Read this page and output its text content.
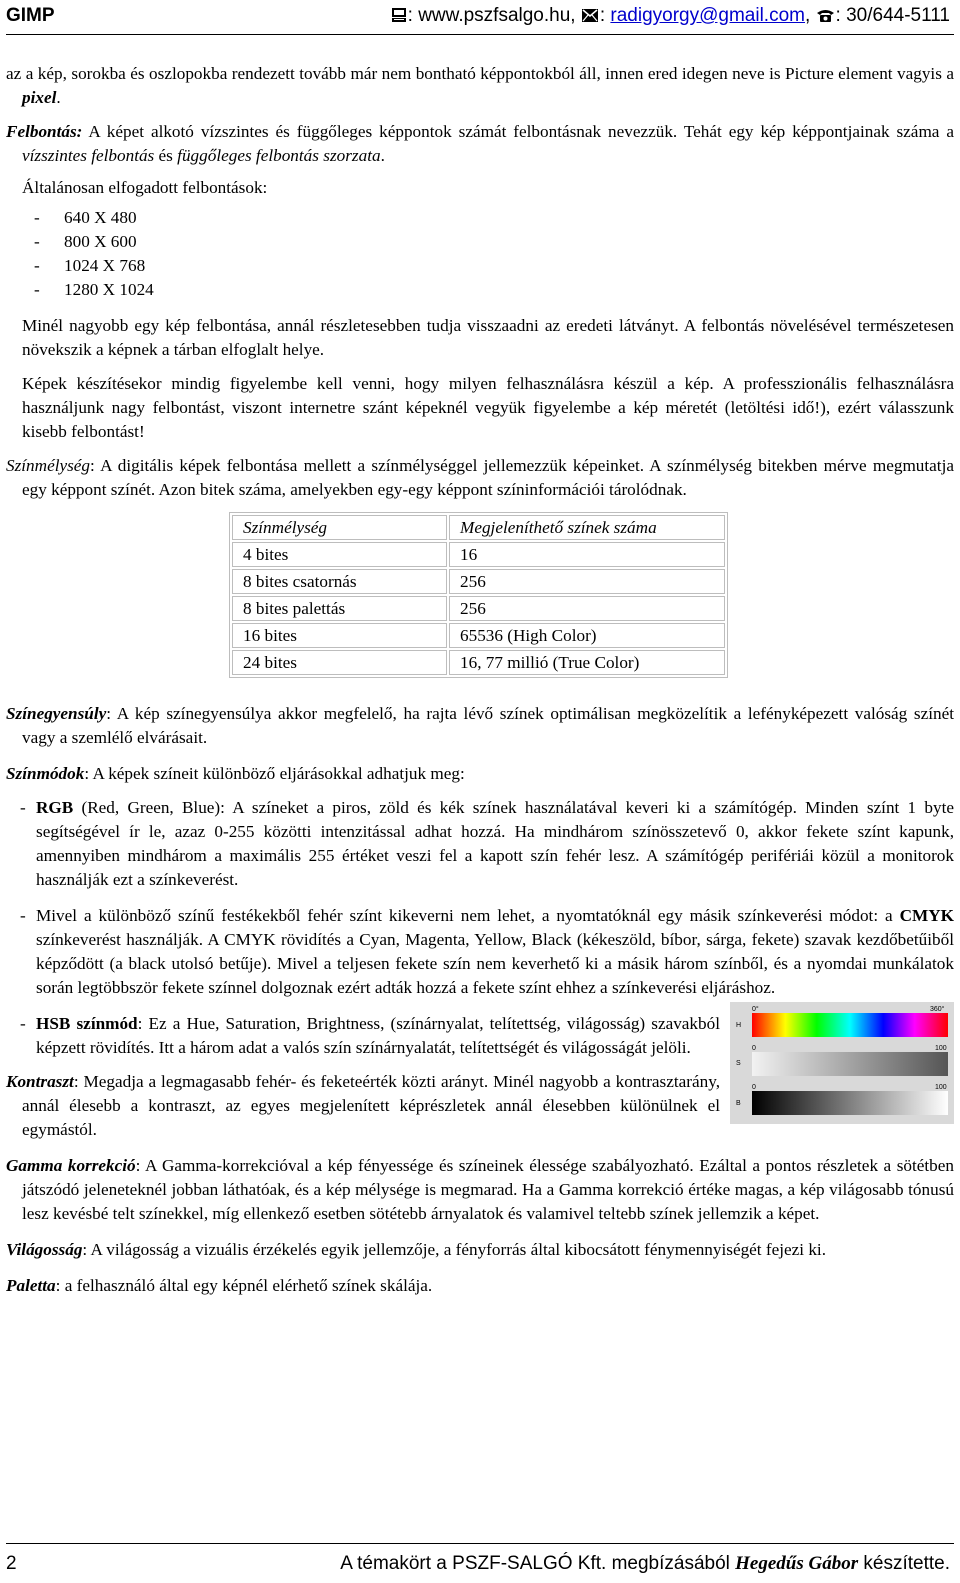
GIMP	: www.pszfsalgo.hu, : radigyorgy@gmail.com, : 30/644-5111

az a kép, sorokba és oszlopokba rendezett tovább már nem bontható képpontokból áll, innen ered idegen neve is Picture element vagyis a pixel.

Felbontás: A képet alkotó vízszintes és függőleges képpontok számát felbontásnak nevezzük. Tehát egy kép képpontjainak száma a vízszintes felbontás és függőleges felbontás szorzata.

Általánosan elfogadott felbontások:

- 640 X 480
- 800 X 600
- 1024 X 768
- 1280 X 1024

Minél nagyobb egy kép felbontása, annál részletesebben tudja visszaadni az eredeti látványt. A felbontás növelésével természetesen növekszik a képnek a tárban elfoglalt helye.

Képek készítésekor mindig figyelembe kell venni, hogy milyen felhasználásra készül a kép. A professzionális felhasználásra használjunk nagy felbontást, viszont internetre szánt képeknél vegyük figyelembe a kép méretét (letöltési idő!), ezért válasszunk kisebb felbontást!

Színmélység: A digitális képek felbontása mellett a színmélységgel jellemezzük képeinket. A színmélység bitekben mérve megmutatja egy képpont színét. Azon bitek száma, amelyekben egy-egy képpont színinformációi tárolódnak.

Színmélység	Megjeleníthető színek száma
4 bites	16
8 bites csatornás	256
8 bites palettás	256
16 bites	65536 (High Color)
24 bites	16, 77 millió (True Color)

Színegyensúly: A kép színegyensúlya akkor megfelelő, ha rajta lévő színek optimálisan megközelítik a lefényképezett valóság színét vagy a szemlélő elvárásait.

Színmódok: A képek színeit különböző eljárásokkal adhatjuk meg:

- RGB (Red, Green, Blue): A színeket a piros, zöld és kék színek használatával keveri ki a számítógép. Minden színt 1 byte segítségével ír le, azaz 0-255 közötti intenzitással adhat hozzá. Ha mindhárom színösszetevő 0, akkor fekete színt kapunk, amennyiben mindhárom a maximális 255 értéket veszi fel a kapott szín fehér lesz. A számítógép perifériái közül a monitorok használják ezt a színkeverést.
- Mivel a különböző színű festékekből fehér színt kikeverni nem lehet, a nyomtatóknál egy másik színkeverési módot: a CMYK színkeverést használják. A CMYK rövidítés a Cyan, Magenta, Yellow, Black (kékeszöld, bíbor, sárga, fekete) szavak kezdőbetűiből képződött (a black utolsó betűje). Mivel a teljesen fekete szín nem keverhető ki a másik három színből, és a nyomdai munkálatok során legtöbbször fekete színnel dolgoznak ezért adták hozzá a fekete színt ehhez a színkeverési eljáráshoz.
0°	360°
H
0	100
S
0	100
B
- HSB színmód: Ez a Hue, Saturation, Brightness, (színárnyalat, telítettség, világosság) szavakból képzett rövidítés. Itt a három adat a valós szín színárnyalatát, telítettségét és világosságát jelöli.

Kontraszt: Megadja a legmagasabb fehér- és feketeérték közti arányt. Minél nagyobb a kontrasztarány, annál élesebb a kontraszt, az egyes megjelenített képrészletek annál élesebben különülnek el egymástól.

Gamma korrekció: A Gamma-korrekcióval a kép fényessége és színeinek élessége szabályozható. Ezáltal a pontos részletek a sötétben játszódó jeleneteknél jobban láthatóak, és a kép mélysége is megmarad. Ha a Gamma korrekció értéke magas, a kép világosabb tónusú lesz kevésbé telt színekkel, míg ellenkező esetben sötétebb árnyalatok és valamivel teltebb színek jellemzik a képet.

Világosság: A világosság a vizuális érzékelés egyik jellemzője, a fényforrás által kibocsátott fénymennyiségét fejezi ki.

Paletta: a felhasználó által egy képnél elérhető színek skálája.

2	A témakört a PSZF-SALGÓ Kft. megbízásából Hegedűs Gábor készítette.
